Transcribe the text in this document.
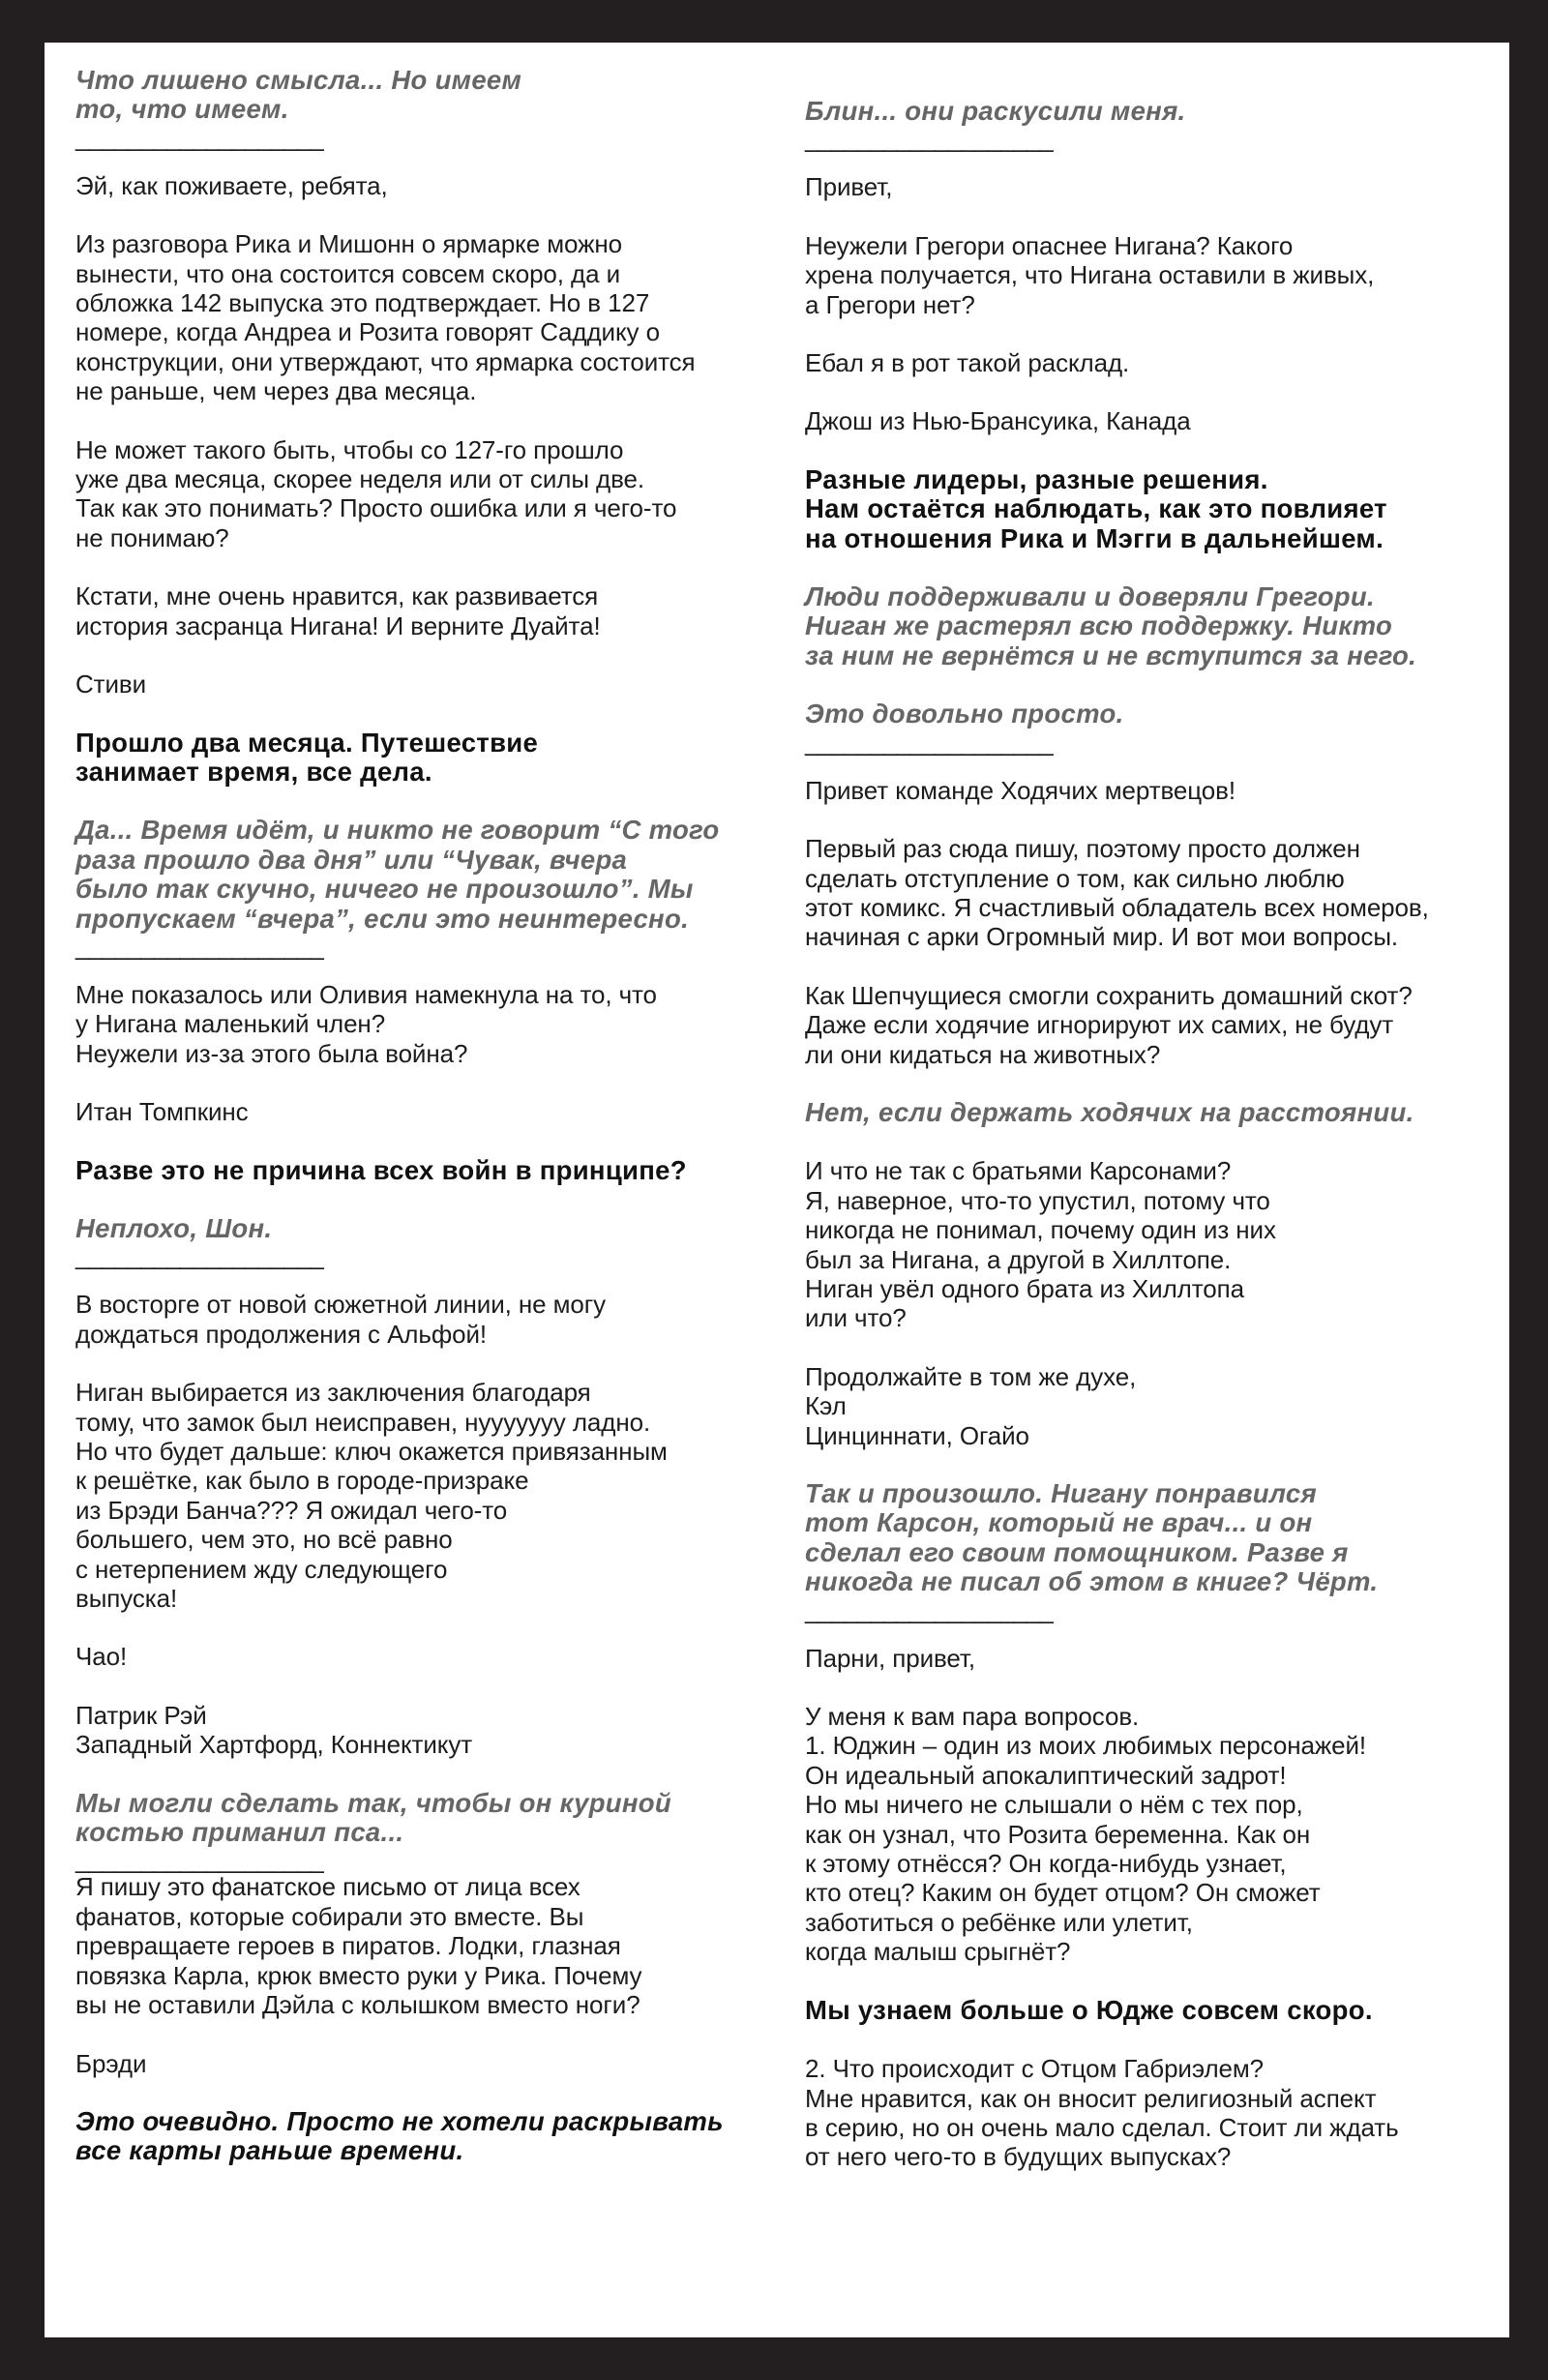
Что лишено смысла... Но имеем
то, что имеем.

___________________

Эй, как поживаете, ребята,

Из разговора Рика и Мишонн о ярмарке можно
вынести, что она состоится совсем скоро, да и
обложка 142 выпуска это подтверждает. Но в 127
номере, когда Андреа и Розита говорят Саддику о
конструкции, они утверждают, что ярмарка состоится
не раньше, чем через два месяца.

Не может такого быть, чтобы со 127-го прошло
уже два месяца, скорее неделя или от силы две.
Так как это понимать? Просто ошибка или я чего-то
не понимаю?

Кстати, мне очень нравится, как развивается
история засранца Нигана! И верните Дуайта!

Стиви

Прошло два месяца. Путешествие
занимает время, все дела.

Да... Время идёт, и никто не говорит “С того
раза прошло два дня” или “Чувак, вчера
было так скучно, ничего не произошло”. Мы
пропускаем “вчера”, если это неинтересно.

___________________

Мне показалось или Оливия намекнула на то, что
у Нигана маленький член?
Неужели из-за этого была война?

Итан Томпкинс

Разве это не причина всех войн в принципе?

Неплохо, Шон.

___________________

В восторге от новой сюжетной линии, не могу
дождаться продолжения с Альфой!

Ниган выбирается из заключения благодаря
тому, что замок был неисправен, нууууууу ладно.
Но что будет дальше: ключ окажется привязанным
к решётке, как было в городе-призраке
из Брэди Банча??? Я ожидал чего-то
большего, чем это, но всё равно
с нетерпением жду следующего
выпуска!

Чао!

Патрик Рэй
Западный Хартфорд, Коннектикут

Мы могли сделать так, чтобы он куриной
костью приманил пса...

___________________

Я пишу это фанатское письмо от лица всех
фанатов, которые собирали это вместе. Вы
превращаете героев в пиратов. Лодки, глазная
повязка Карла, крюк вместо руки у Рика. Почему
вы не оставили Дэйла с колышком вместо ноги?

Брэди

Это очевидно. Просто не хотели раскрывать
все карты раньше времени.

Блин... они раскусили меня.

___________________

Привет,

Неужели Грегори опаснее Нигана? Какого
хрена получается, что Нигана оставили в живых,
а Грегори нет?

Ебал я в рот такой расклад.

Джош из Нью-Брансуика, Канада

Разные лидеры, разные решения.
Нам остаётся наблюдать, как это повлияет
на отношения Рика и Мэгги в дальнейшем.

Люди поддерживали и доверяли Грегори.
Ниган же растерял всю поддержку. Никто
за ним не вернётся и не вступится за него.

Это довольно просто.

___________________

Привет команде Ходячих мертвецов!

Первый раз сюда пишу, поэтому просто должен
сделать отступление о том, как сильно люблю
этот комикс. Я счастливый обладатель всех номеров,
начиная с арки Огромный мир. И вот мои вопросы.

Как Шепчущиеся смогли сохранить домашний скот?
Даже если ходячие игнорируют их самих, не будут
ли они кидаться на животных?

Нет, если держать ходячих на расстоянии.

И что не так с братьями Карсонами?
Я, наверное, что-то упустил, потому что
никогда не понимал, почему один из них
был за Нигана, а другой в Хиллтопе.
Ниган увёл одного брата из Хиллтопа
или что?

Продолжайте в том же духе,
Кэл
Цинциннати, Огайо

Так и произошло. Нигану понравился
тот Карсон, который не врач... и он
сделал его своим помощником. Разве я
никогда не писал об этом в книге? Чёрт.

___________________

Парни, привет,

У меня к вам пара вопросов.
1. Юджин – один из моих любимых персонажей!
Он идеальный апокалиптический задрот!
Но мы ничего не слышали о нём с тех пор,
как он узнал, что Розита беременна. Как он
к этому отнёсся? Он когда-нибудь узнает,
кто отец? Каким он будет отцом? Он сможет
заботиться о ребёнке или улетит,
когда малыш срыгнёт?

Мы узнаем больше о Юдже совсем скоро.

2. Что происходит с Отцом Габриэлем?
Мне нравится, как он вносит религиозный аспект
в серию, но он очень мало сделал. Стоит ли ждать
от него чего-то в будущих выпусках?
